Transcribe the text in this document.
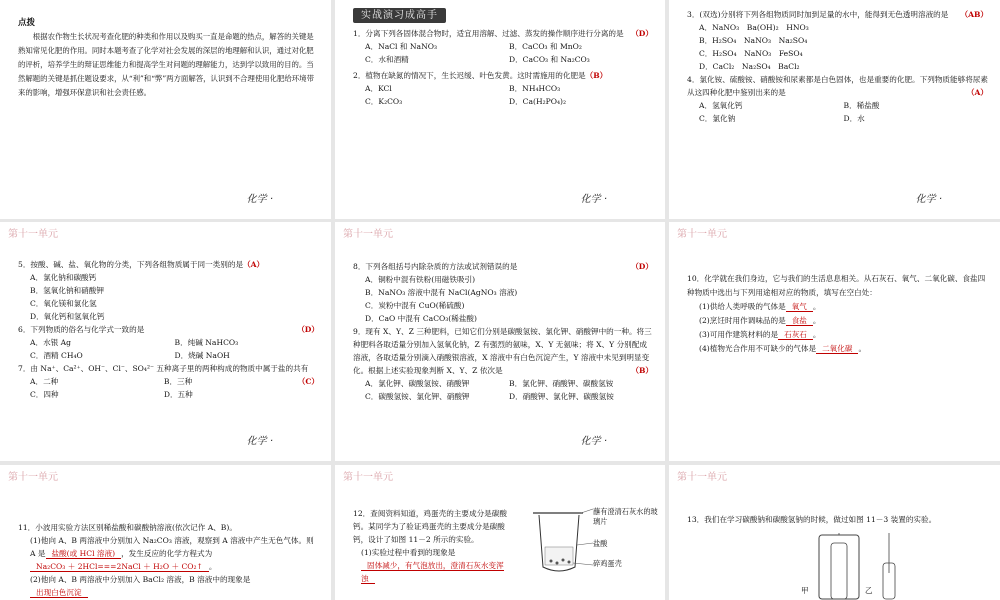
点拨
根据农作物生长状况考查化肥的种类和作用以及购买一直是命题的热点，解答的关键是熟知常见化肥的作用。同时本题考查了化学对社会发展的深层的地理解和认识，通过对化肥的评析，培养学生的辩证思维能力和提高学生对问题的理解能力，达到学以致用的目的。当然解题的关键是抓住题设要求，从“利”和“弊”两方面解答，认识到不合理使用化肥给环境带来的影响，增强环保意识和社会责任感。
化学 ·
实战演习成高手

1．分离下列各固体混合物时，适宜用溶解、过滤、蒸发的操作顺序进行分离的是 （D）

A．NaCl 和 NaNO₃	B．CaCO₃ 和 MnO₂
C．水和酒精	D．CaCO₃ 和 Na₂CO₃

2．植物在缺氮的情况下，生长迟缓、叶色发黄。这时需施用的化肥是（B）

A．KCl	B．NH₄HCO₃
C．K₂CO₃	D．Ca(H₂PO₄)₂
化学 ·

3．(双选)分别将下列各组物质同时加到足量的水中，能得到无色透明溶液的是 （AB）

A．NaNO₃　Ba(OH)₂　HNO₃
B．H₂SO₄　NaNO₃　Na₂SO₄
C．H₂SO₄　NaNO₃　FeSO₄
D．CaCl₂　Na₂SO₄　BaCl₂

4．氯化铵、硫酸铵、硝酸铵和尿素都是白色固体，也是重要的化肥。下列物质能够将尿素从这四种化肥中鉴别出来的是	（A）

A．氢氧化钙	B．稀盐酸
C．氯化钠	D．水
化学 ·
第十一单元

5．按酸、碱、盐、氧化物的分类，下列各组物质属于同一类别的是（A）

A．氯化钠和碳酸钙
B．氢氧化钠和硝酸钾
C．氧化镁和氯化氢
D．氧化钙和氢氧化钙

6．下列物质的俗名与化学式一致的是	（D）

A．水银 Ag	B．纯碱 NaHCO₃
C．酒精 CH₄O	D．烧碱 NaOH

7．由 Na⁺、Ca²⁺、OH⁻、Cl⁻、SO₄²⁻ 五种离子里的两种构成的物质中属于盐的共有
（C）

A．二种	B．三种
C．四种	D．五种
化学 ·
第十一单元

8．下列各组括号内除杂质的方法或试剂错误的是	（D）

A．铜粉中混有铁粉(用磁铁吸引)
B．NaNO₃ 溶液中混有 NaCl(AgNO₃ 溶液)
C．炭粉中混有 CuO(稀硫酸)
D．CaO 中混有 CaCO₃(稀盐酸)

9．现有 X、Y、Z 三种肥料，已知它们分别是碳酸氢铵、氯化钾、硝酸钾中的一种。将三种肥料各取适量分别加入氢氧化钠，Z 有强烈的氨味，X、Y 无氨味；将 X、Y 分别配成溶液，各取适量分别滴入硝酸银溶液，X 溶液中有白色沉淀产生，Y 溶液中未见到明显变化。根据上述实验现象判断 X、Y、Z 依次是	（B）

A．氯化钾、碳酸氢铵、硝酸钾	B．氯化钾、硝酸钾、碳酸氢铵
C．碳酸氢铵、氯化钾、硝酸钾	D．硝酸钾、氯化钾、碳酸氢铵
化学 ·
第十一单元

10．化学就在我们身边，它与我们的生活息息相关。从石灰石、氧气、二氧化碳、食盐四种物质中选出与下列用途相对应的物质，填写在空白处：

(1)供给人类呼吸的气体是 氧气 。
(2)烹饪时用作调味品的是 食盐 。
(3)可用作建筑材料的是 石灰石 。
(4)植物光合作用不可缺少的气体是 二氧化碳 。
第十一单元

11．小波用实验方法区别稀盐酸和碳酸钠溶液(依次记作 A、B)。

(1)他向 A、B 两溶液中分别加入 Na₂CO₃ 溶液，观察到 A 溶液中产生无色气体。则 A 是 盐酸(或 HCl 溶液) ，发生反应的化学方程式为
Na₂CO₃ ＋ 2HCl===2NaCl ＋ H₂O ＋ CO₂↑ 。
(2)他向 A、B 两溶液中分别加入 BaCl₂ 溶液，B 溶液中的现象是
出现白色沉淀
第十一单元

12．查阅资料知道，鸡蛋壳的主要成分是碳酸钙。某同学为了验证鸡蛋壳的主要成分是碳酸钙，设计了如图 11－2 所示的实验。

(1)实验过程中看到的现象是
固体减少，有气泡放出，澄清石灰水变浑浊
蘸有澄清石灰水的玻璃片
盐酸
碎鸡蛋壳
第十一单元

13．我们在学习碳酸钠和碳酸氢钠的时候，做过如图 11－3 装置的实验。

甲	乙
